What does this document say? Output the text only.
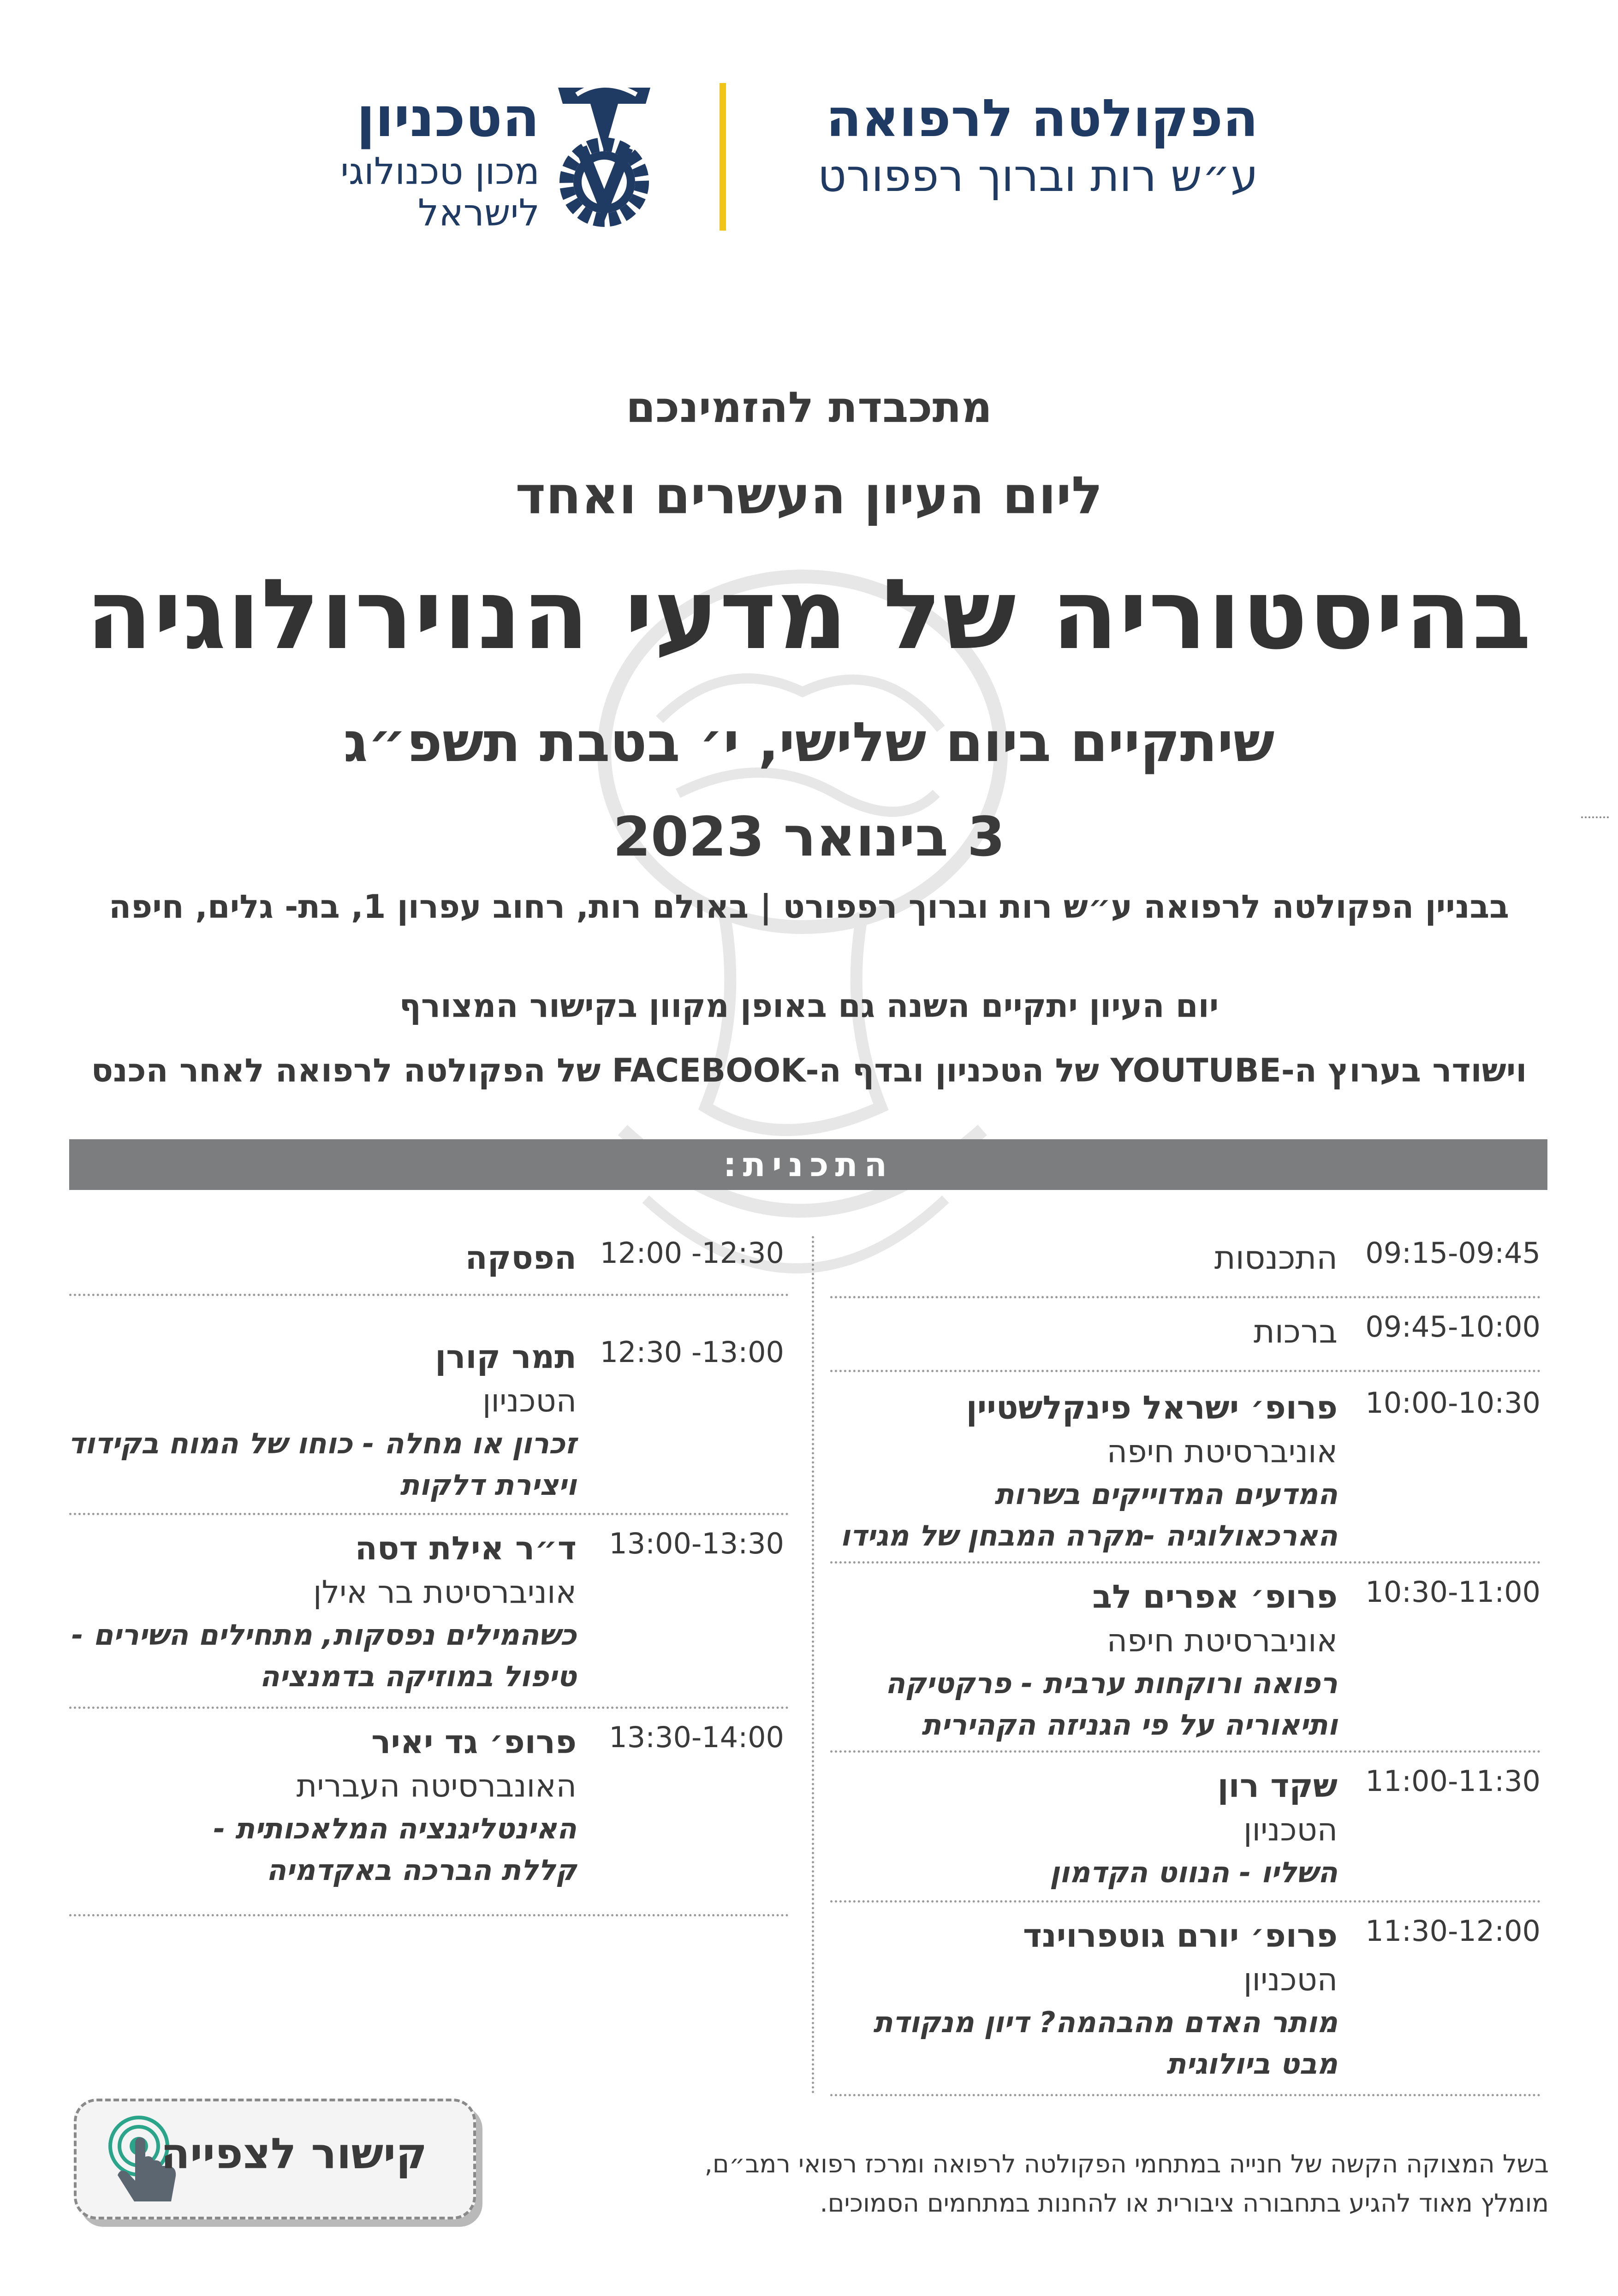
הפקולטה לרפואה
ע״ש רות וברוך רפפורט
הטכניון
מכון טכנולוגי
לישראל
מתכבדת להזמינכם
ליום העיון העשרים ואחד
בהיסטוריה של מדעי הנוירולוגיה
שיתקיים ביום שלישי, י׳ בטבת תשפ״ג
3 בינואר 2023
בבניין הפקולטה לרפואה ע״ש רות וברוך רפפורט | באולם רות, רחוב עפרון 1, בת- גלים, חיפה
יום העיון יתקיים השנה גם באופן מקוון בקישור המצורף
וישודר בערוץ ה-YOUTUBE של הטכניון ובדף ה-FACEBOOK של הפקולטה לרפואה לאחר הכנס
התכנית:
09:15-09:45
התכנסות
09:45-10:00
ברכות
10:00-10:30
פרופ׳ ישראל פינקלשטיין
אוניברסיטת חיפה
המדעים המדוייקים בשרות
הארכאולוגיה -מקרה המבחן של מגידו
10:30-11:00
פרופ׳ אפרים לב
אוניברסיטת חיפה
רפואה ורוקחות ערבית - פרקטיקה
ותיאוריה על פי הגניזה הקהירית
11:00-11:30
שקד רון
הטכניון
השליו - הנווט הקדמון
11:30-12:00
פרופ׳ יורם גוטפרוינד
הטכניון
מותר האדם מהבהמה? דיון מנקודת
מבט ביולוגית
12:00 -12:30
הפסקה
12:30 -13:00
תמר קורן
הטכניון
זכרון או מחלה - כוחו של המוח בקידוד
ויצירת דלקות
13:00-13:30
ד״ר אילת דסה
אוניברסיטת בר אילן
כשהמילים נפסקות, מתחילים השירים -
טיפול במוזיקה בדמנציה
13:30-14:00
פרופ׳ גד יאיר
האונברסיטה העברית
האינטליגנציה המלאכותית -
קללת הברכה באקדמיה
קישור לצפייה	בשל המצוקה הקשה של חנייה במתחמי הפקולטה לרפואה ומרכז רפואי רמב״ם,
מומלץ מאוד להגיע בתחבורה ציבורית או להחנות במתחמים הסמוכים.
